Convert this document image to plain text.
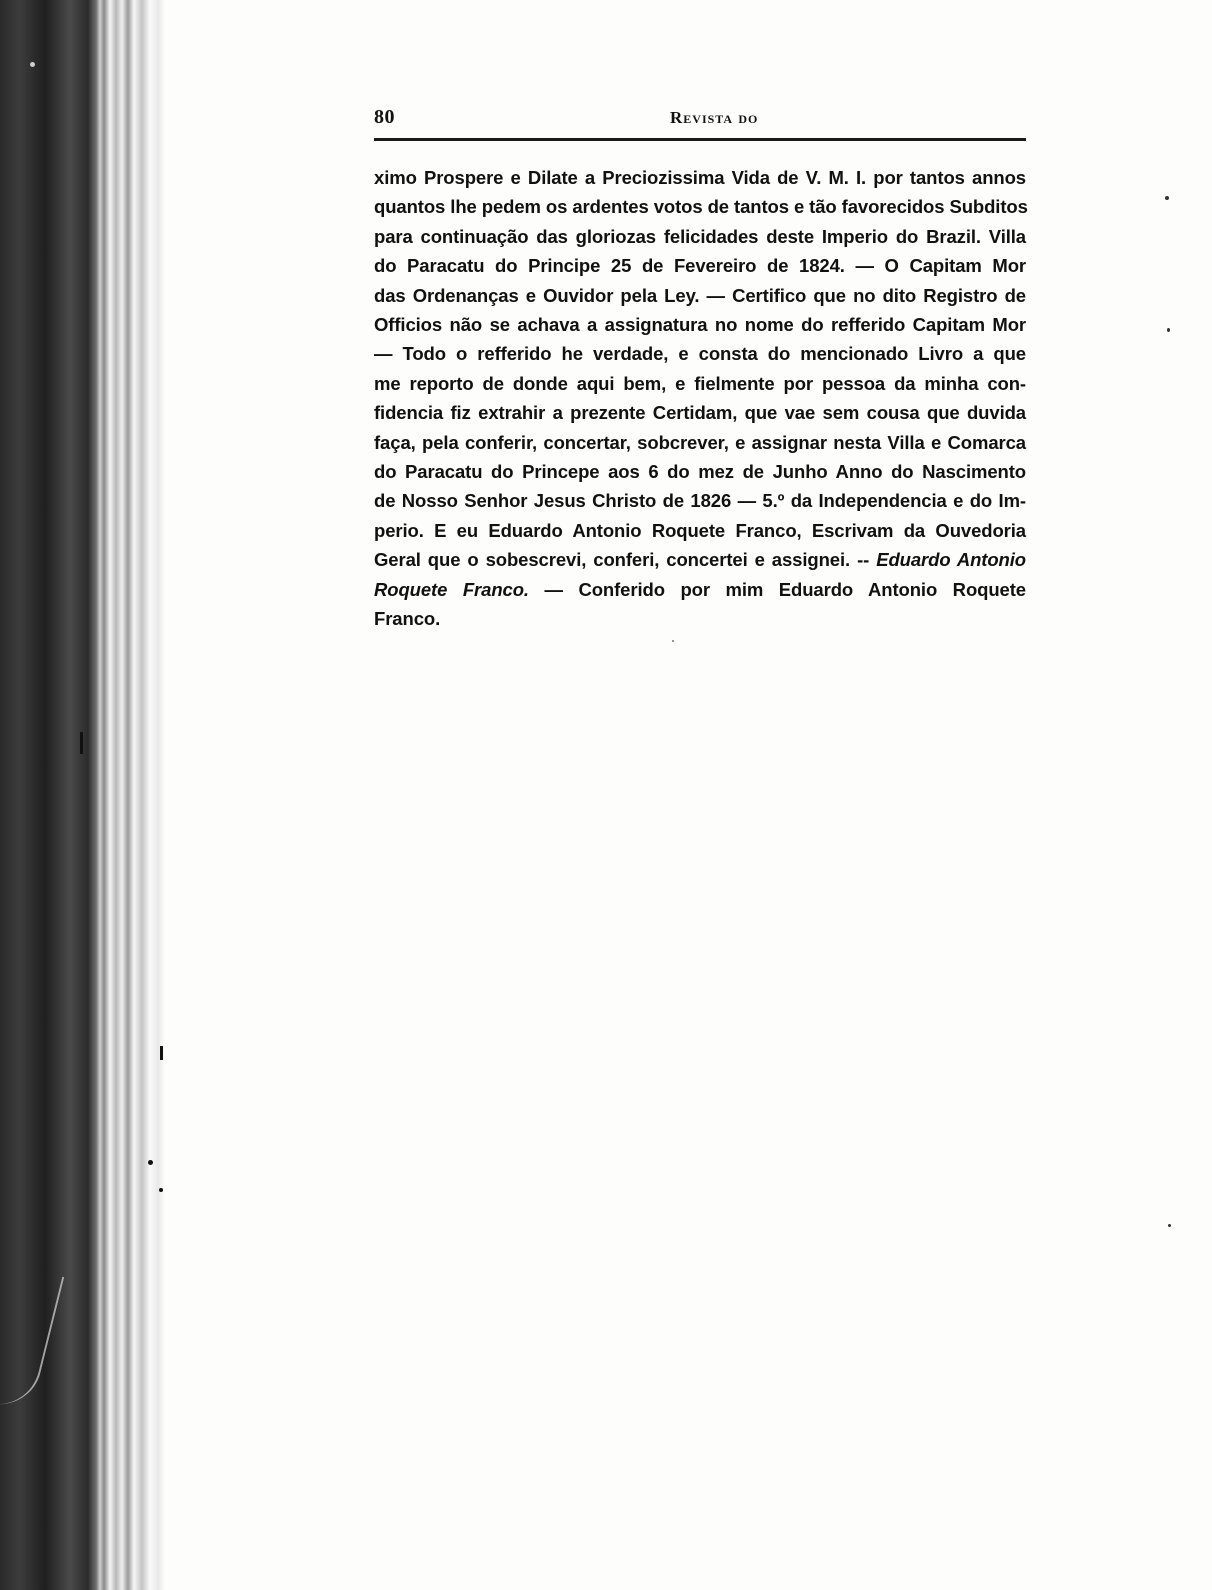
80	Revista do
ximo Prospere e Dilate a Preciozissima Vida de V. M. I. por tantos annos
quantos lhe pedem os ardentes votos de tantos e tão favorecidos Subditos
para continuação das gloriozas felicidades deste Imperio do Brazil. Villa
do Paracatu do Principe 25 de Fevereiro de 1824. — O Capitam Mor
das Ordenanças e Ouvidor pela Ley. — Certifico que no dito Registro de
Officios não se achava a assignatura no nome do refferido Capitam Mor
— Todo o refferido he verdade, e consta do mencionado Livro a que
me reporto de donde aqui bem, e fielmente por pessoa da minha con-
fidencia fiz extrahir a prezente Certidam, que vae sem cousa que duvida
faça, pela conferir, concertar, sobcrever, e assignar nesta Villa e Comarca
do Paracatu do Princepe aos 6 do mez de Junho Anno do Nascimento
de Nosso Senhor Jesus Christo de 1826 — 5.º da Independencia e do Im-
perio. E eu Eduardo Antonio Roquete Franco, Escrivam da Ouvedoria
Geral que o sobescrevi, conferi, concertei e assignei. -- Eduardo Antonio
Roquete Franco. — Conferido por mim Eduardo Antonio Roquete
Franco.
